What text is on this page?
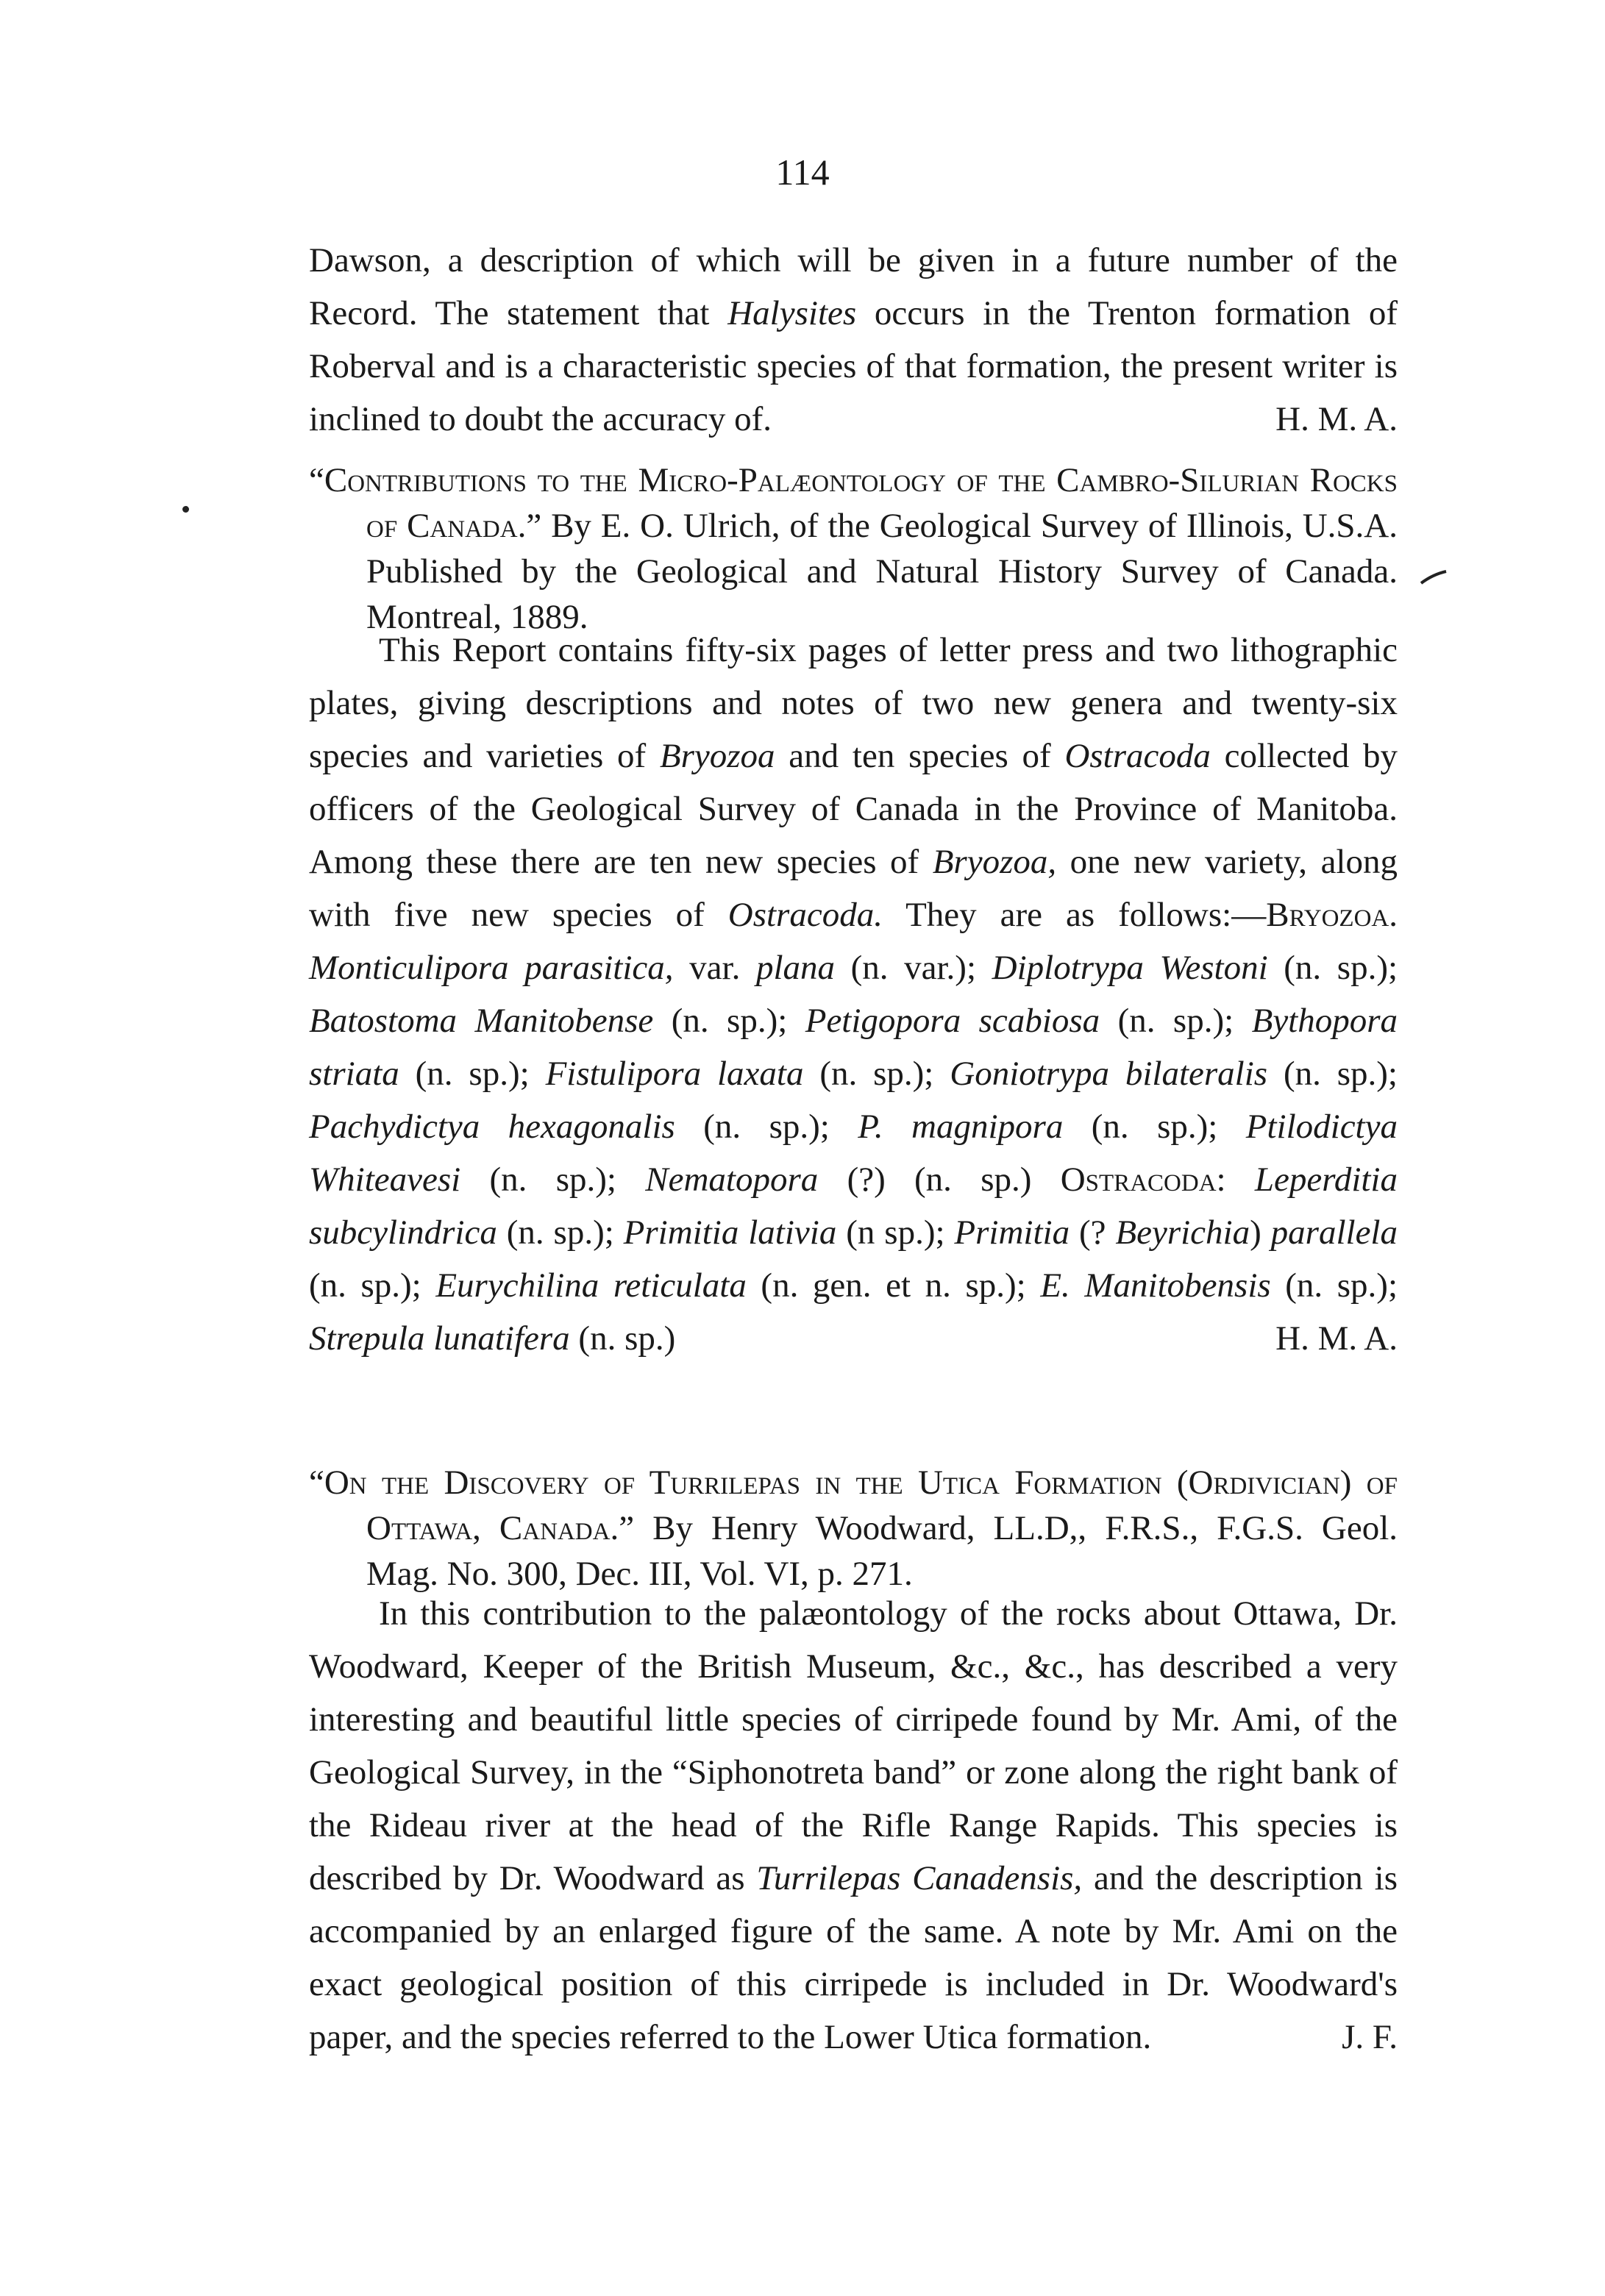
114

Dawson, a description of which will be given in a future number of the Record. The statement that Halysites occurs in the Trenton formation of Roberval and is a characteristic species of that formation, the present writer is inclined to doubt the accuracy of.	H. M. A.

“Contributions to the Micro-Palæontology of the Cambro-Silurian Rocks of Canada.” By E. O. Ulrich, of the Geological Survey of Illinois, U.S.A. Published by the Geological and Natural History Survey of Canada. Montreal, 1889.

This Report contains fifty-six pages of letter press and two lithographic plates, giving descriptions and notes of two new genera and twenty-six species and varieties of Bryozoa and ten species of Ostracoda collected by officers of the Geological Survey of Canada in the Province of Manitoba. Among these there are ten new species of Bryozoa, one new variety, along with five new species of Ostracoda. They are as follows:—Bryozoa. Monticulipora parasitica, var. plana (n. var.); Diplotrypa Westoni (n. sp.); Batostoma Manitobense (n. sp.); Petigopora scabiosa (n. sp.); Bythopora striata (n. sp.); Fistulipora laxata (n. sp.); Goniotrypa bilateralis (n. sp.); Pachydictya hexagonalis (n. sp.); P. magnipora (n. sp.); Ptilodictya Whiteavesi (n. sp.); Nematopora (?) (n. sp.) Ostracoda: Leperditia subcylindrica (n. sp.); Primitia lativia (n sp.); Primitia (? Beyrichia) parallela (n. sp.); Eurychilina reticulata (n. gen. et n. sp.); E. Manitobensis (n. sp.); Strepula lunatifera (n. sp.)	H. M. A.

“On the Discovery of Turrilepas in the Utica Formation (Ordivician) of Ottawa, Canada.” By Henry Woodward, LL.D,, F.R.S., F.G.S. Geol. Mag. No. 300, Dec. III, Vol. VI, p. 271.

In this contribution to the palæontology of the rocks about Ottawa, Dr. Woodward, Keeper of the British Museum, &c., &c., has described a very interesting and beautiful little species of cirripede found by Mr. Ami, of the Geological Survey, in the “Siphonotreta band” or zone along the right bank of the Rideau river at the head of the Rifle Range Rapids. This species is described by Dr. Woodward as Turrilepas Canadensis, and the description is accompanied by an enlarged figure of the same. A note by Mr. Ami on the exact geological position of this cirripede is included in Dr. Woodward's paper, and the species referred to the Lower Utica formation.	J. F.
